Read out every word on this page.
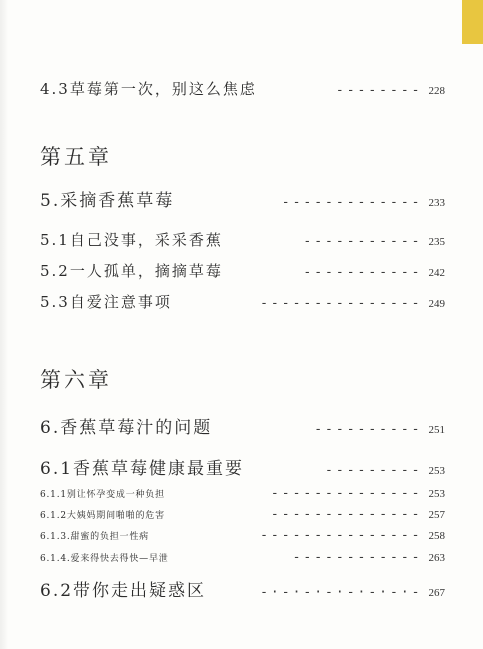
4.3草莓第一次，别这么焦虑	-------- 228
第五章
5.采摘香蕉草莓	------------- 233
5.1自己没事，采采香蕉	----------- 235
5.2一人孤单，摘摘草莓	----------- 242
5.3自爱注意事项	--------------- 249
第六章
6.香蕉草莓汁的问题	---------- 251
6.1香蕉草莓健康最重要	--------- 253
6.1.1别让怀孕变成一种负担	-------------- 253
6.1.2大姨妈期间啪啪的危害	-------------- 257
6.1.3.甜蜜的负担一性病	--------------- 258
6.1.4.爱来得快去得快—早泄	------------ 263
6.2带你走出疑惑区	-·-·-·-·-·-·-·- 267
